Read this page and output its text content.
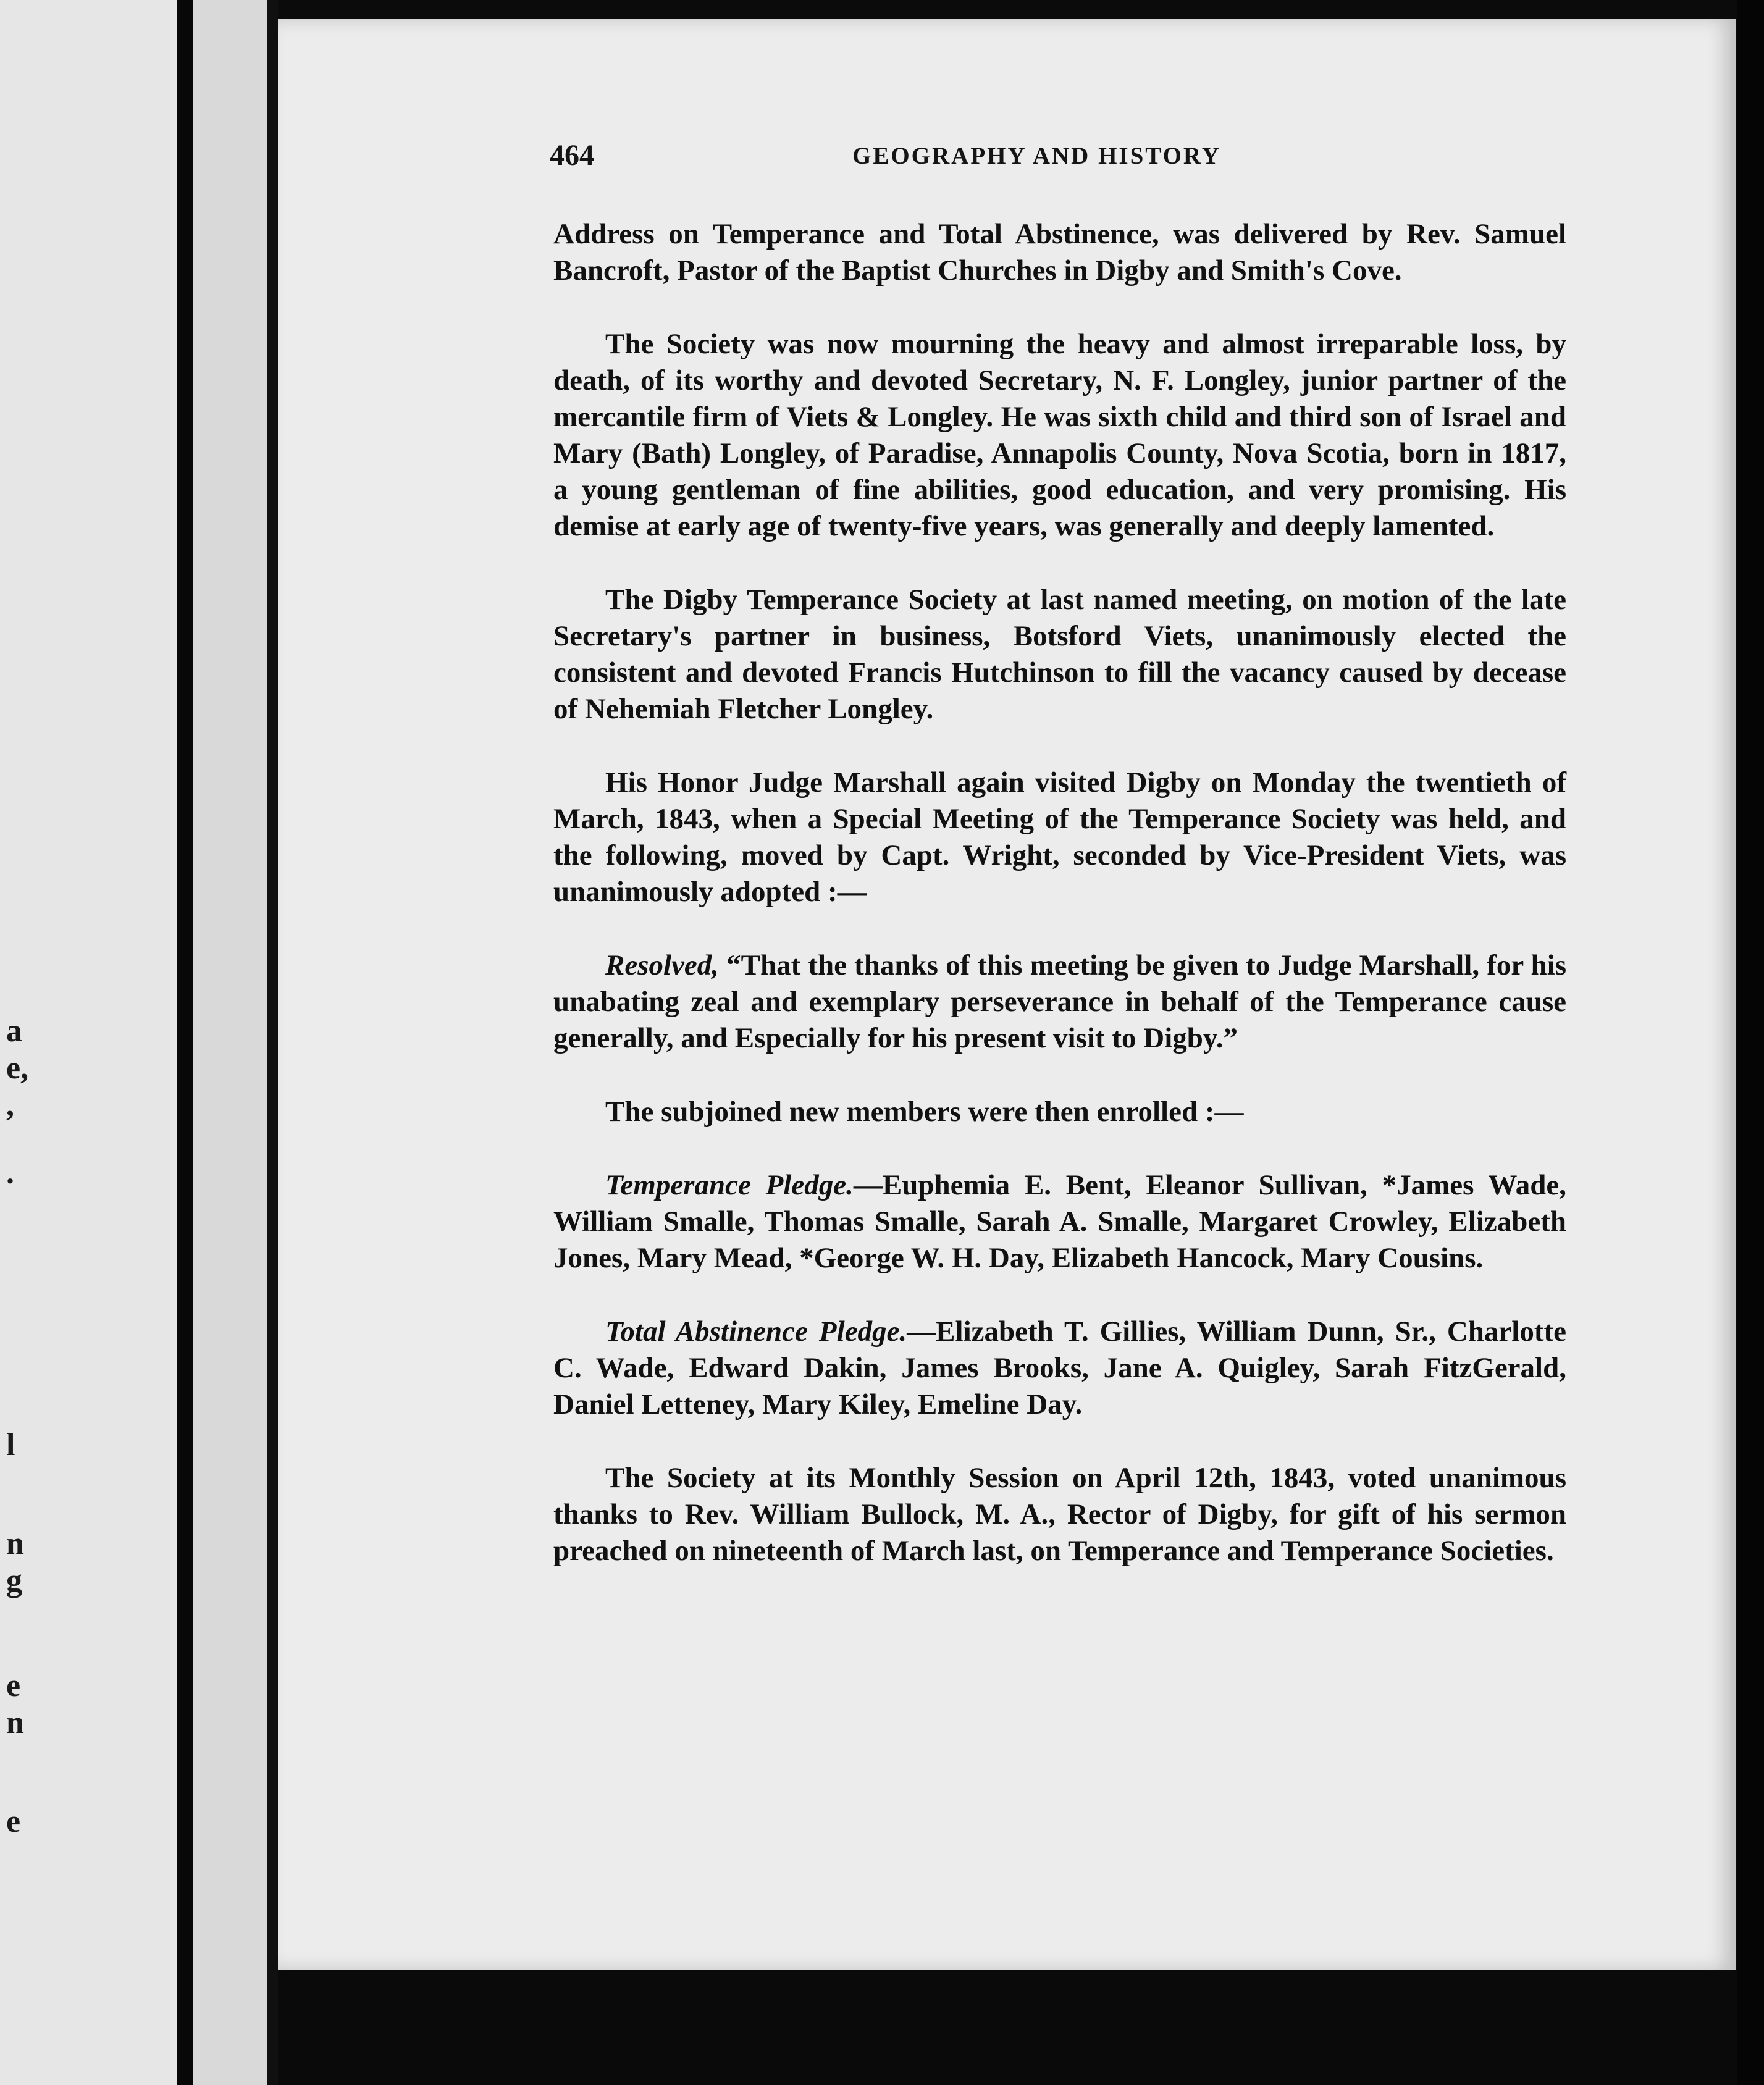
a
e,
,
.
l
n
g
e
n
e
464	GEOGRAPHY AND HISTORY

Address on Temperance and Total Abstinence, was delivered by Rev. Samuel Bancroft, Pastor of the Baptist Churches in Digby and Smith's Cove.

The Society was now mourning the heavy and almost irreparable loss, by death, of its worthy and devoted Secretary, N. F. Longley, junior partner of the mercantile firm of Viets & Longley. He was sixth child and third son of Israel and Mary (Bath) Longley, of Paradise, Annapolis County, Nova Scotia, born in 1817, a young gentleman of fine abilities, good education, and very promising. His demise at early age of twenty-five years, was generally and deeply lamented.

The Digby Temperance Society at last named meeting, on motion of the late Secretary's partner in business, Botsford Viets, unanimously elected the consistent and devoted Francis Hutchinson to fill the vacancy caused by decease of Nehemiah Fletcher Longley.

His Honor Judge Marshall again visited Digby on Monday the twentieth of March, 1843, when a Special Meeting of the Temperance Society was held, and the following, moved by Capt. Wright, seconded by Vice-President Viets, was unanimously adopted :—

Resolved, “That the thanks of this meeting be given to Judge Marshall, for his unabating zeal and exemplary perseverance in behalf of the Temperance cause generally, and Especially for his present visit to Digby.”

The subjoined new members were then enrolled :—

Temperance Pledge.—Euphemia E. Bent, Eleanor Sullivan, *James Wade, William Smalle, Thomas Smalle, Sarah A. Smalle, Margaret Crowley, Elizabeth Jones, Mary Mead, *George W. H. Day, Elizabeth Hancock, Mary Cousins.

Total Abstinence Pledge.—Elizabeth T. Gillies, William Dunn, Sr., Charlotte C. Wade, Edward Dakin, James Brooks, Jane A. Quigley, Sarah FitzGerald, Daniel Letteney, Mary Kiley, Emeline Day.

The Society at its Monthly Session on April 12th, 1843, voted unanimous thanks to Rev. William Bullock, M. A., Rector of Digby, for gift of his sermon preached on nineteenth of March last, on Temperance and Temperance Societies.
